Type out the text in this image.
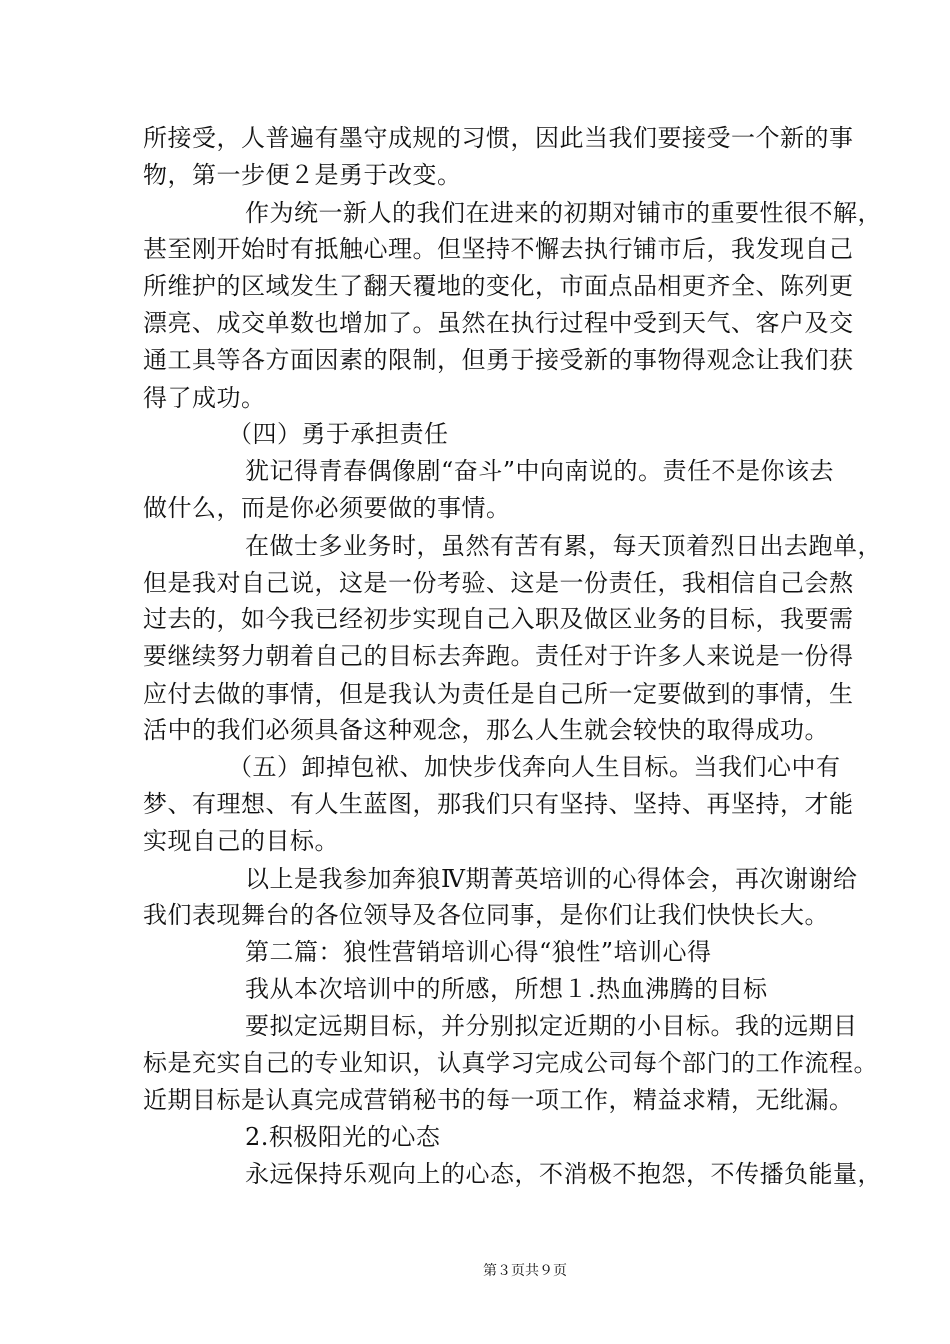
所接受，人普遍有墨守成规的习惯，因此当我们要接受一个新的事
物，第一步便２是勇于改变。
作为统一新人的我们在进来的初期对铺市的重要性很不解，
甚至刚开始时有抵触心理。但坚持不懈去执行铺市后，我发现自己
所维护的区域发生了翻天覆地的变化，市面点品相更齐全、陈列更
漂亮、成交单数也增加了。虽然在执行过程中受到天气、客户及交
通工具等各方面因素的限制，但勇于接受新的事物得观念让我们获
得了成功。
（四）勇于承担责任
犹记得青春偶像剧“奋斗”中向南说的。责任不是你该去
做什么，而是你必须要做的事情。
在做士多业务时，虽然有苦有累，每天顶着烈日出去跑单，
但是我对自己说，这是一份考验、这是一份责任，我相信自己会熬
过去的，如今我已经初步实现自己入职及做区业务的目标，我要需
要继续努力朝着自己的目标去奔跑。责任对于许多人来说是一份得
应付去做的事情，但是我认为责任是自己所一定要做到的事情，生
活中的我们必须具备这种观念，那么人生就会较快的取得成功。
（五）卸掉包袱、加快步伐奔向人生目标。当我们心中有
梦、有理想、有人生蓝图，那我们只有坚持、坚持、再坚持，才能
实现自己的目标。
以上是我参加奔狼Ⅳ期菁英培训的心得体会，再次谢谢给
我们表现舞台的各位领导及各位同事，是你们让我们快快长大。
第二篇：狼性营销培训心得“狼性”培训心得
我从本次培训中的所感，所想１.热血沸腾的目标
要拟定远期目标，并分别拟定近期的小目标。我的远期目
标是充实自己的专业知识，认真学习完成公司每个部门的工作流程。
近期目标是认真完成营销秘书的每一项工作，精益求精，无纰漏。
2.积极阳光的心态
永远保持乐观向上的心态，不消极不抱怨，不传播负能量，
第３页共９页
